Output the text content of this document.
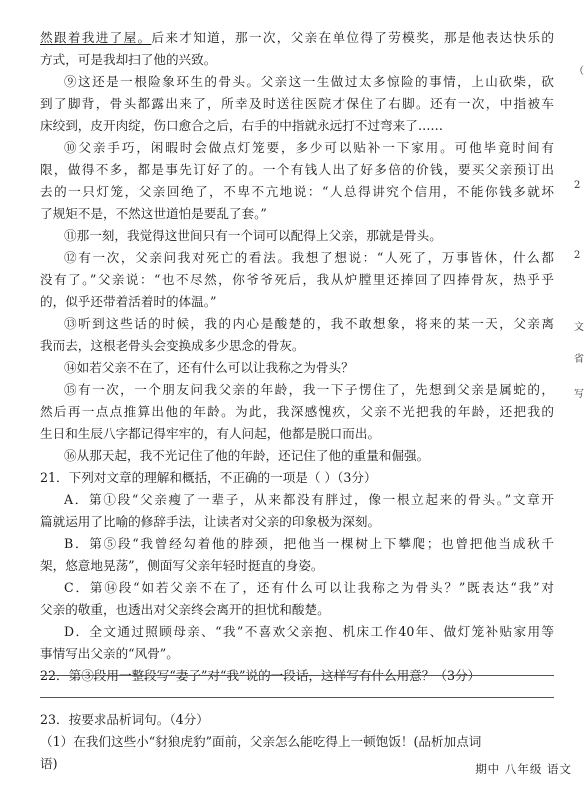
然跟着我进了屋。后来才知道，那一次，父亲在单位得了劳模奖，那是他表达快乐的
方式，可是我却扫了他的兴致。
⑨这还是一根险象环生的骨头。父亲这一生做过太多惊险的事情，上山砍柴，砍
到了脚背，骨头都露出来了，所幸及时送往医院才保住了右脚。还有一次，中指被车
床绞到，皮开肉绽，伤口愈合之后，右手的中指就永远打不过弯来了……
⑩父亲手巧，闲暇时会做点灯笼要，多少可以贴补一下家用。可他毕竟时间有
限，做得不多，都是事先订好了的。一个有钱人出了好多倍的价钱，要买父亲预订出
去的一只灯笼，父亲回绝了，不卑不亢地说：“人总得讲究个信用，不能你钱多就坏
了规矩不是，不然这世道怕是要乱了套。”
⑪那一刻，我觉得这世间只有一个词可以配得上父亲，那就是骨头。
⑫有一次，父亲问我对死亡的看法。我想了想说：“人死了，万事皆休，什么都
没有了。”父亲说：“也不尽然，你爷爷死后，我从炉膛里还捧回了四捧骨灰，热乎乎
的，似乎还带着活着时的体温。”
⑬听到这些话的时候，我的内心是酸楚的，我不敢想象，将来的某一天，父亲离
我而去，这根老骨头会变换成多少思念的骨灰。
⑭如若父亲不在了，还有什么可以让我称之为骨头？
⑮有一次，一个朋友问我父亲的年龄，我一下子愣住了，先想到父亲是属蛇的，
然后再一点点推算出他的年龄。为此，我深感愧疚，父亲不光把我的年龄，还把我的
生日和生辰八字都记得牢牢的，有人问起，他都是脱口而出。
⑯从那天起，我不光记住了他的年龄，还记住了他的重量和倔强。
21．下列对文章的理解和概括，不正确的一项是（ ）（3分）
A．第①段“父亲瘦了一辈子，从来都没有胖过，像一根立起来的骨头。”文章开
篇就运用了比喻的修辞手法，让读者对父亲的印象极为深刻。
B．第⑤段“我曾经勾着他的脖颈，把他当一棵树上下攀爬；也曾把他当成秋千
架，悠意地晃荡”，侧面写父亲年轻时挺直的身姿。
C．第⑭段“如若父亲不在了，还有什么可以让我称之为骨头？”既表达“我”对
父亲的敬重，也透出对父亲终会离开的担忧和酸楚。
D．全文通过照顾母亲、“我”不喜欢父亲抱、机床工作40年、做灯笼补贴家用等
事情写出父亲的“风骨”。
22．第③段用一整段写“妻子”对“我”说的一段话，这样写有什么用意？（3分）
23．按要求品析词句。（4分）
（1）在我们这些小“豺狼虎豹”面前，父亲怎么能吃得上一顿饱饭！(品析加点词
语)	期中 八年级 语文
（
2
2
文
省
写
